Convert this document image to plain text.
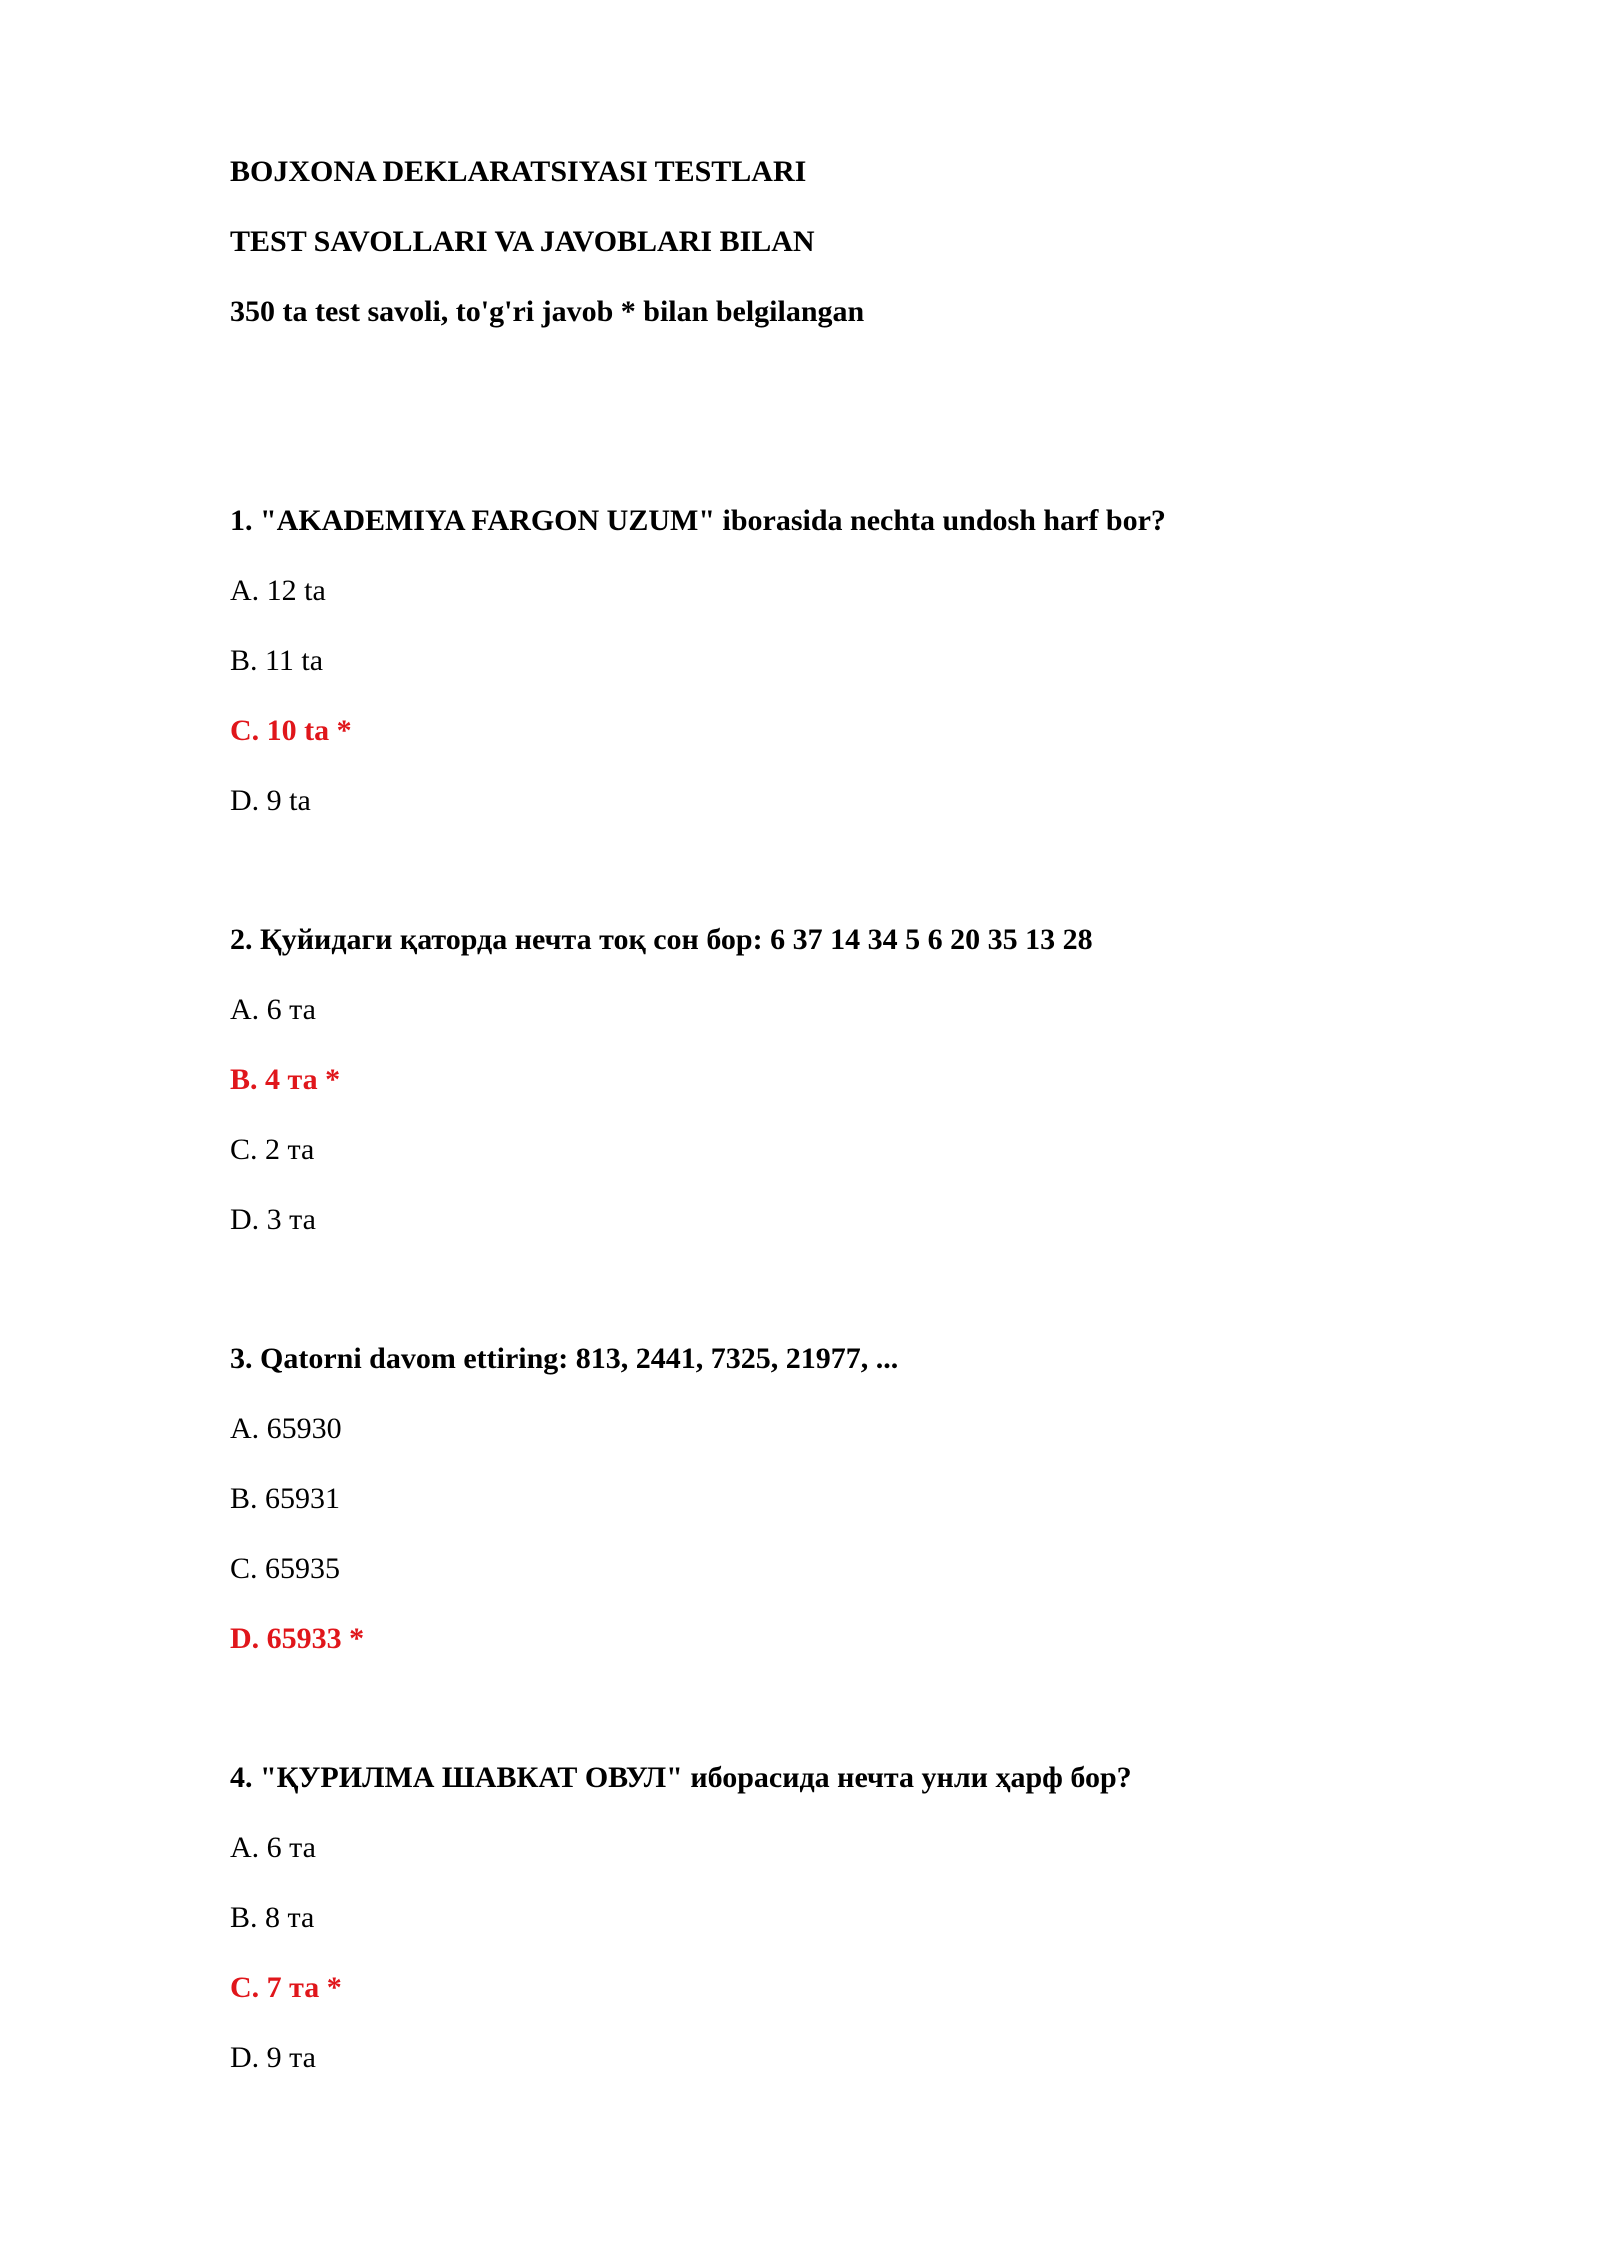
BOJXONA DEKLARATSIYASI TESTLARI
TEST SAVOLLARI VA JAVOBLARI BILAN
350 ta test savoli, to'g'ri javob * bilan belgilangan
1. "AKADEMIYA FARGON UZUM" iborasida nechta undosh harf bor?
A. 12 ta
B. 11 ta
C. 10 ta *
D. 9 ta
2. Қуйидаги қаторда нечта тоқ сон бор: 6 37 14 34 5 6 20 35 13 28
A. 6 та
B. 4 та *
C. 2 та
D. 3 та
3. Qatorni davom ettiring: 813, 2441, 7325, 21977, ...
A. 65930
B. 65931
C. 65935
D. 65933 *
4. "ҚУРИЛМА ШАВКАТ ОВУЛ" иборасида нечта унли ҳарф бор?
A. 6 та
B. 8 та
C. 7 та *
D. 9 та
